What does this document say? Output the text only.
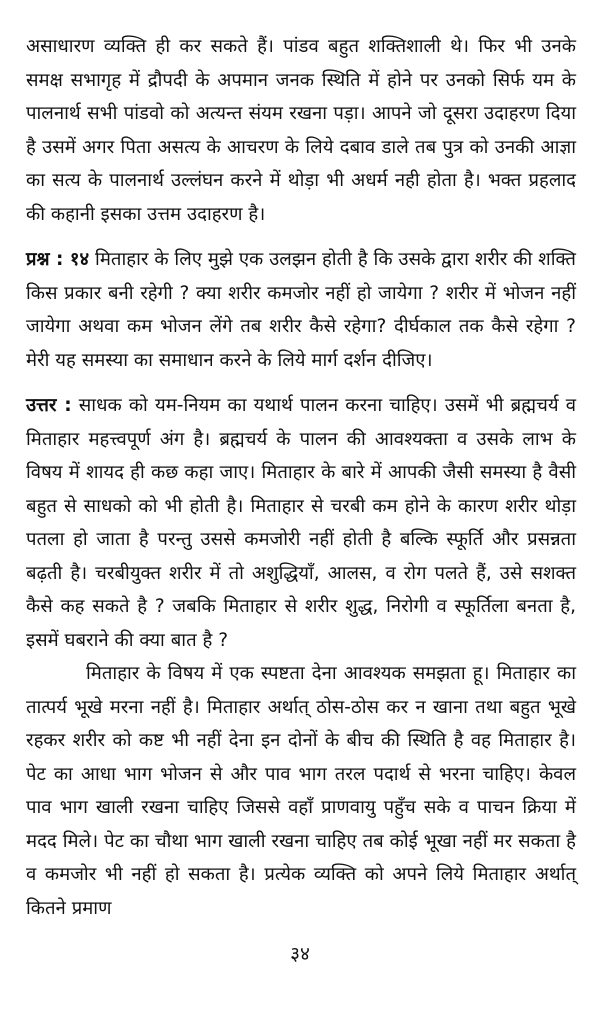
असाधारण व्यक्ति ही कर सकते हैं। पांडव बहुत शक्तिशाली थे। फिर भी उनके समक्ष सभागृह में द्रौपदी के अपमान जनक स्थिति में होने पर उनको सिर्फ यम के पालनार्थ सभी पांडवो को अत्यन्त संयम रखना पड़ा। आपने जो दूसरा उदाहरण दिया है उसमें अगर पिता असत्य के आचरण के लिये दबाव डाले तब पुत्र को उनकी आज्ञा का सत्य के पालनार्थ उल्लंघन करने में थोड़ा भी अधर्म नही होता है। भक्त प्रहलाद की कहानी इसका उत्तम उदाहरण है।

प्रश्न : १४ मिताहार के लिए मुझे एक उलझन होती है कि उसके द्वारा शरीर की शक्ति किस प्रकार बनी रहेगी ? क्या शरीर कमजोर नहीं हो जायेगा ? शरीर में भोजन नहीं जायेगा अथवा कम भोजन लेंगे तब शरीर कैसे रहेगा? दीर्घकाल तक कैसे रहेगा ? मेरी यह समस्या का समाधान करने के लिये मार्ग दर्शन दीजिए।

उत्तर : साधक को यम-नियम का यथार्थ पालन करना चाहिए। उसमें भी ब्रह्मचर्य व मिताहार महत्त्वपूर्ण अंग है। ब्रह्मचर्य के पालन की आवश्यक्ता व उसके लाभ के विषय में शायद ही कछ कहा जाए। मिताहार के बारे में आपकी जैसी समस्या है वैसी बहुत से साधको को भी होती है। मिताहार से चरबी कम होने के कारण शरीर थोड़ा पतला हो जाता है परन्तु उससे कमजोरी नहीं होती है बल्कि स्फूर्ति और प्रसन्नता बढ़ती है। चरबीयुक्त शरीर में तो अशुद्धियाँ, आलस, व रोग पलते हैं, उसे सशक्त कैसे कह सकते है ? जबकि मिताहार से शरीर शुद्ध, निरोगी व स्फूर्तिला बनता है, इसमें घबराने की क्या बात है ?

मिताहार के विषय में एक स्पष्टता देना आवश्यक समझता हू। मिताहार का तात्पर्य भूखे मरना नहीं है। मिताहार अर्थात् ठोस-ठोस कर न खाना तथा बहुत भूखे रहकर शरीर को कष्ट भी नहीं देना इन दोनों के बीच की स्थिति है वह मिताहार है। पेट का आधा भाग भोजन से और पाव भाग तरल पदार्थ से भरना चाहिए। केवल पाव भाग खाली रखना चाहिए जिससे वहाँ प्राणवायु पहुँच सके व पाचन क्रिया में मदद मिले। पेट का चौथा भाग खाली रखना चाहिए तब कोई भूखा नहीं मर सकता है व कमजोर भी नहीं हो सकता है। प्रत्येक व्यक्ति को अपने लिये मिताहार अर्थात् कितने प्रमाण

३४
